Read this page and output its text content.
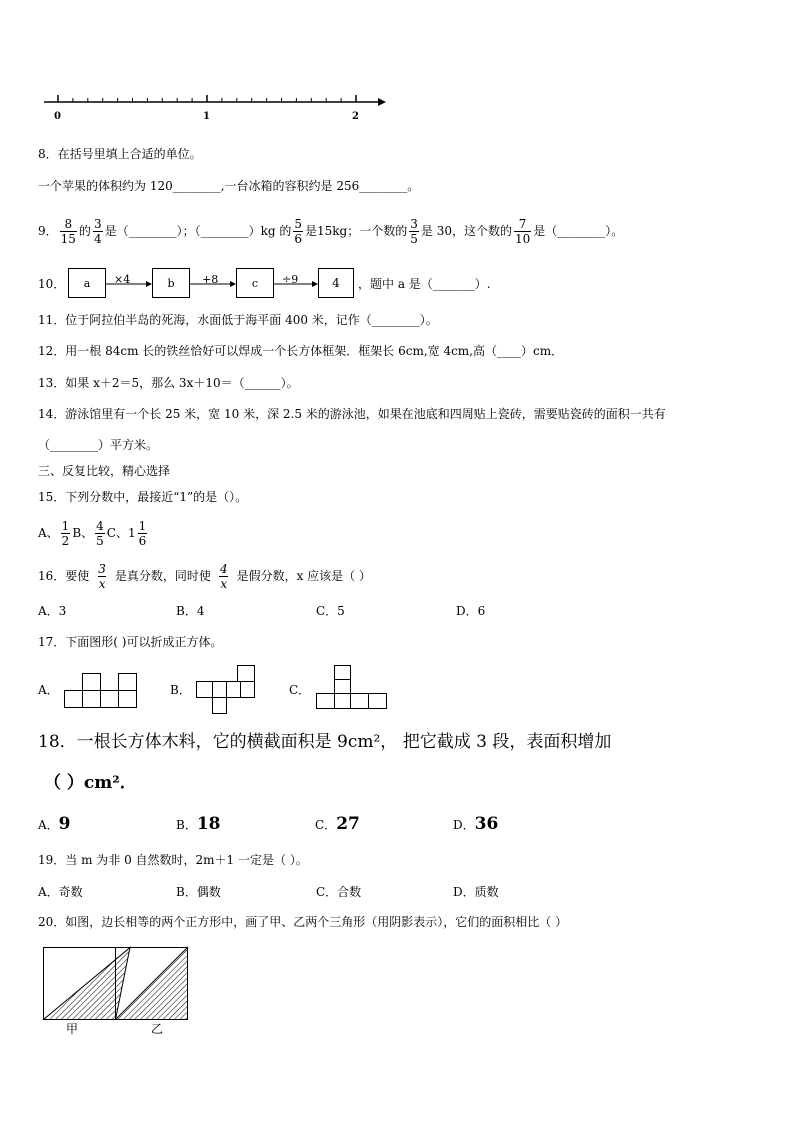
0	1	2
8．在括号里填上合适的单位。
一个苹果的体积约为 120________,一台冰箱的容积约是 256________。
9． $\frac{8}{15}$ 的 $\frac{3}{4}$ 是（________）；（________）kg 的 $\frac{5}{6}$ 是15kg；一个数的 $\frac{3}{5}$ 是 30，这个数的 $\frac{7}{10}$ 是（________）。
10．	a	b	c	4
×4	+8	÷9	，题中 a 是（_______）.
11．位于阿拉伯半岛的死海，水面低于海平面 400 米，记作（________）。
12．用一根 84cm 长的铁丝恰好可以焊成一个长方体框架．框架长 6cm,宽 4cm,高（____）cm．
13．如果 x＋2＝5，那么 3x＋10＝（______）。
14．游泳馆里有一个长 25 米，宽 10 米，深 2.5 米的游泳池，如果在池底和四周贴上瓷砖，需要贴瓷砖的面积一共有
（________）平方米。
三、反复比较，精心选择
15．下列分数中，最接近“1”的是（）。
A、 $\frac{1}{2}$ B、 $\frac{4}{5}$ C、$1 \frac{1}{6}$
16．要使 $\frac{3}{x}$ 是真分数，同时使 $\frac{4}{x}$ 是假分数，x 应该是（ ）
A．3	B．4	C．5	D．6
17．下面图形( )可以折成正方体。
A．	B．	C．
18．一根长方体木料，它的横截面积是 9cm²， 把它截成 3 段，表面积增加
（ ）cm²．
A．9	B．18	C．27	D．36
19．当 m 为非 0 自然数时，2m＋1 一定是（ ）。
A．奇数	B．偶数	C．合数	D．质数
20．如图，边长相等的两个正方形中，画了甲、乙两个三角形（用阴影表示），它们的面积相比（ ）
甲	乙
